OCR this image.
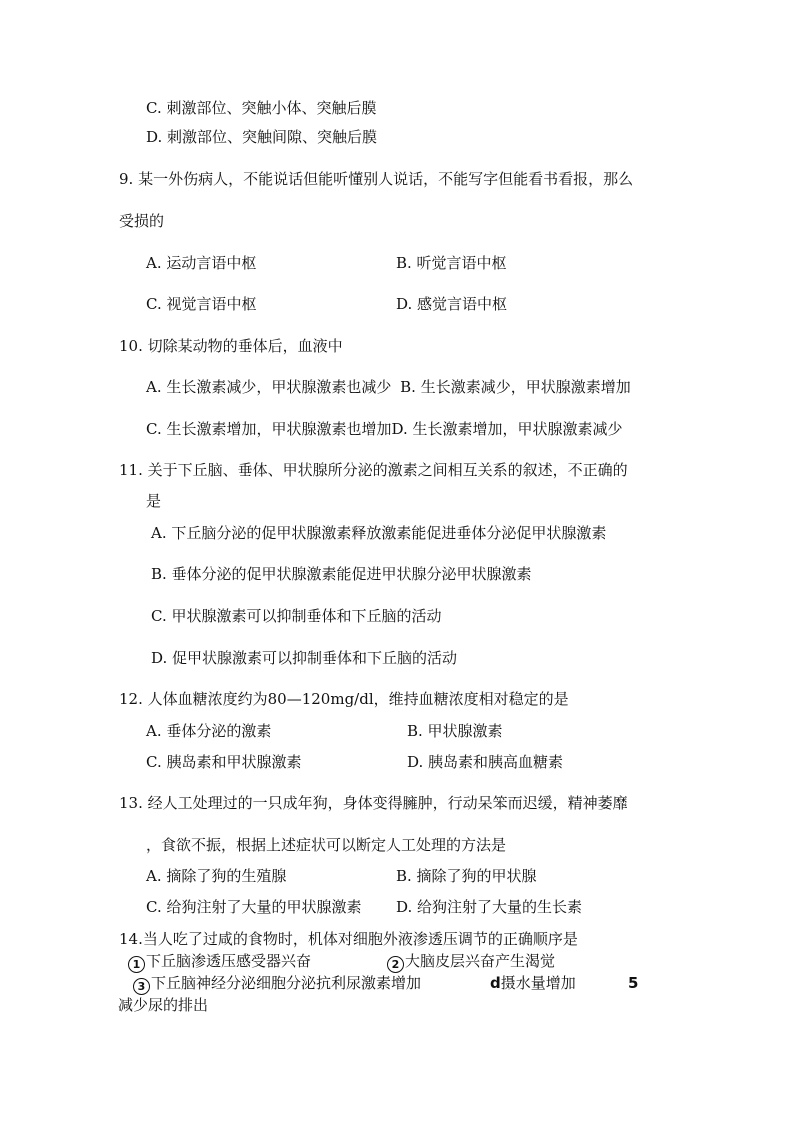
C. 刺激部位、突触小体、突触后膜
D. 刺激部位、突触间隙、突触后膜
9. 某一外伤病人，不能说话但能听懂别人说话，不能写字但能看书看报，那么
受损的
A. 运动言语中枢	B. 听觉言语中枢
C. 视觉言语中枢	D. 感觉言语中枢
10. 切除某动物的垂体后，血液中
A. 生长激素减少，甲状腺激素也减少 B. 生长激素减少，甲状腺激素增加
C. 生长激素增加，甲状腺激素也增加D. 生长激素增加，甲状腺激素减少
11. 关于下丘脑、垂体、甲状腺所分泌的激素之间相互关系的叙述，不正确的
是
A. 下丘脑分泌的促甲状腺激素释放激素能促进垂体分泌促甲状腺激素
B. 垂体分泌的促甲状腺激素能促进甲状腺分泌甲状腺激素
C. 甲状腺激素可以抑制垂体和下丘脑的活动
D. 促甲状腺激素可以抑制垂体和下丘脑的活动
12. 人体血糖浓度约为80—120mg/dl，维持血糖浓度相对稳定的是
A. 垂体分泌的激素	B. 甲状腺激素
C. 胰岛素和甲状腺激素	D. 胰岛素和胰高血糖素
13. 经人工处理过的一只成年狗，身体变得臃肿，行动呆笨而迟缓，精神萎靡
，食欲不振，根据上述症状可以断定人工处理的方法是
A. 摘除了狗的生殖腺	B. 摘除了狗的甲状腺
C. 给狗注射了大量的甲状腺激素 D. 给狗注射了大量的生长素
14.当人吃了过咸的食物时，机体对细胞外液渗透压调节的正确顺序是
1 下丘脑渗透压感受器兴奋	2 大脑皮层兴奋产生渴觉
3 下丘脑神经分泌细胞分泌抗利尿激素增加	d摄水量增加	5
减少尿的排出
